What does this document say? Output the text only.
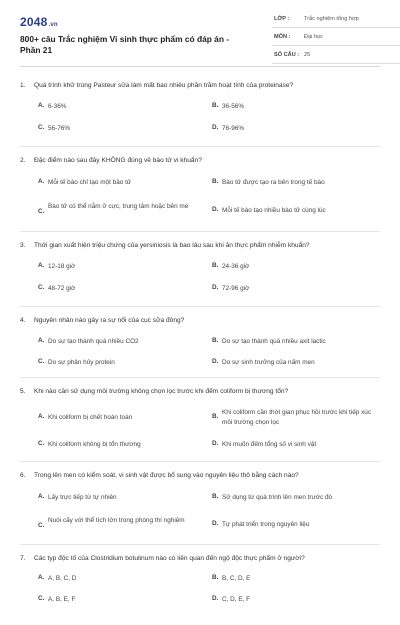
2048.vn
800+ câu Trắc nghiệm Vi sinh thực phẩm có đáp án - Phần 21
LỚP :	Trắc nghiệm tổng hợp
MÔN : Đại học
SỐ CÂU : 25
1. Quá trình khử trùng Pasteur sữa làm mất bao nhiêu phần trăm hoạt tính của proteinase?
A. 6-36%	B. 36-56%
C. 56-76%	D. 76-96%
2. Đặc điểm nào sau đây KHÔNG đúng về bào tử vi khuẩn?
A. Mỗi tế bào chỉ tạo một bào tử	B. Bào tử được tạo ra bên trong tế bào
C.
Bào tử có thể nằm ở cực, trung tâm hoặc bên mé	D. Mỗi tế bào tạo nhiều bào tử cùng lúc
3. Thời gian xuất hiện triệu chứng của yersiniosis là bao lâu sau khi ăn thực phẩm nhiễm khuẩn?
A. 12-18 giờ	B. 24-36 giờ
C. 48-72 giờ	D. 72-96 giờ
4. Nguyên nhân nào gây ra sự nổi của cục sữa đông?
A. Do sự tạo thành quá nhiều CO2	B. Do sự tạo thành quá nhiều axit lactic
C. Do sự phân hủy protein	D. Do sự sinh trưởng của nấm men
5. Khi nào cần sử dụng môi trường không chọn lọc trước khi đếm coliform bị thương tổn?
A. Khi coliform bị chết hoàn toàn	B.
Khi coliform cần thời gian phục hồi trước khi tiếp xúc môi trường chọn lọc
C. Khi coliform không bị tổn thương	D. Khi muốn đếm tổng số vi sinh vật
6. Trong lên men có kiểm soát, vi sinh vật được bổ sung vào nguyên liệu thô bằng cách nào?
A. Lấy trực tiếp từ tự nhiên	B. Sử dụng từ quá trình lên men trước đó
C.
Nuôi cấy với thể tích lớn trong phòng thí nghiệm	D. Tự phát triển trong nguyên liệu
7. Các typ độc tố của Clostridium botulinum nào có liên quan đến ngộ độc thực phẩm ở người?
A. A, B, C, D	B. B, C, D, E
C. A, B, E, F	D. C, D, E, F
